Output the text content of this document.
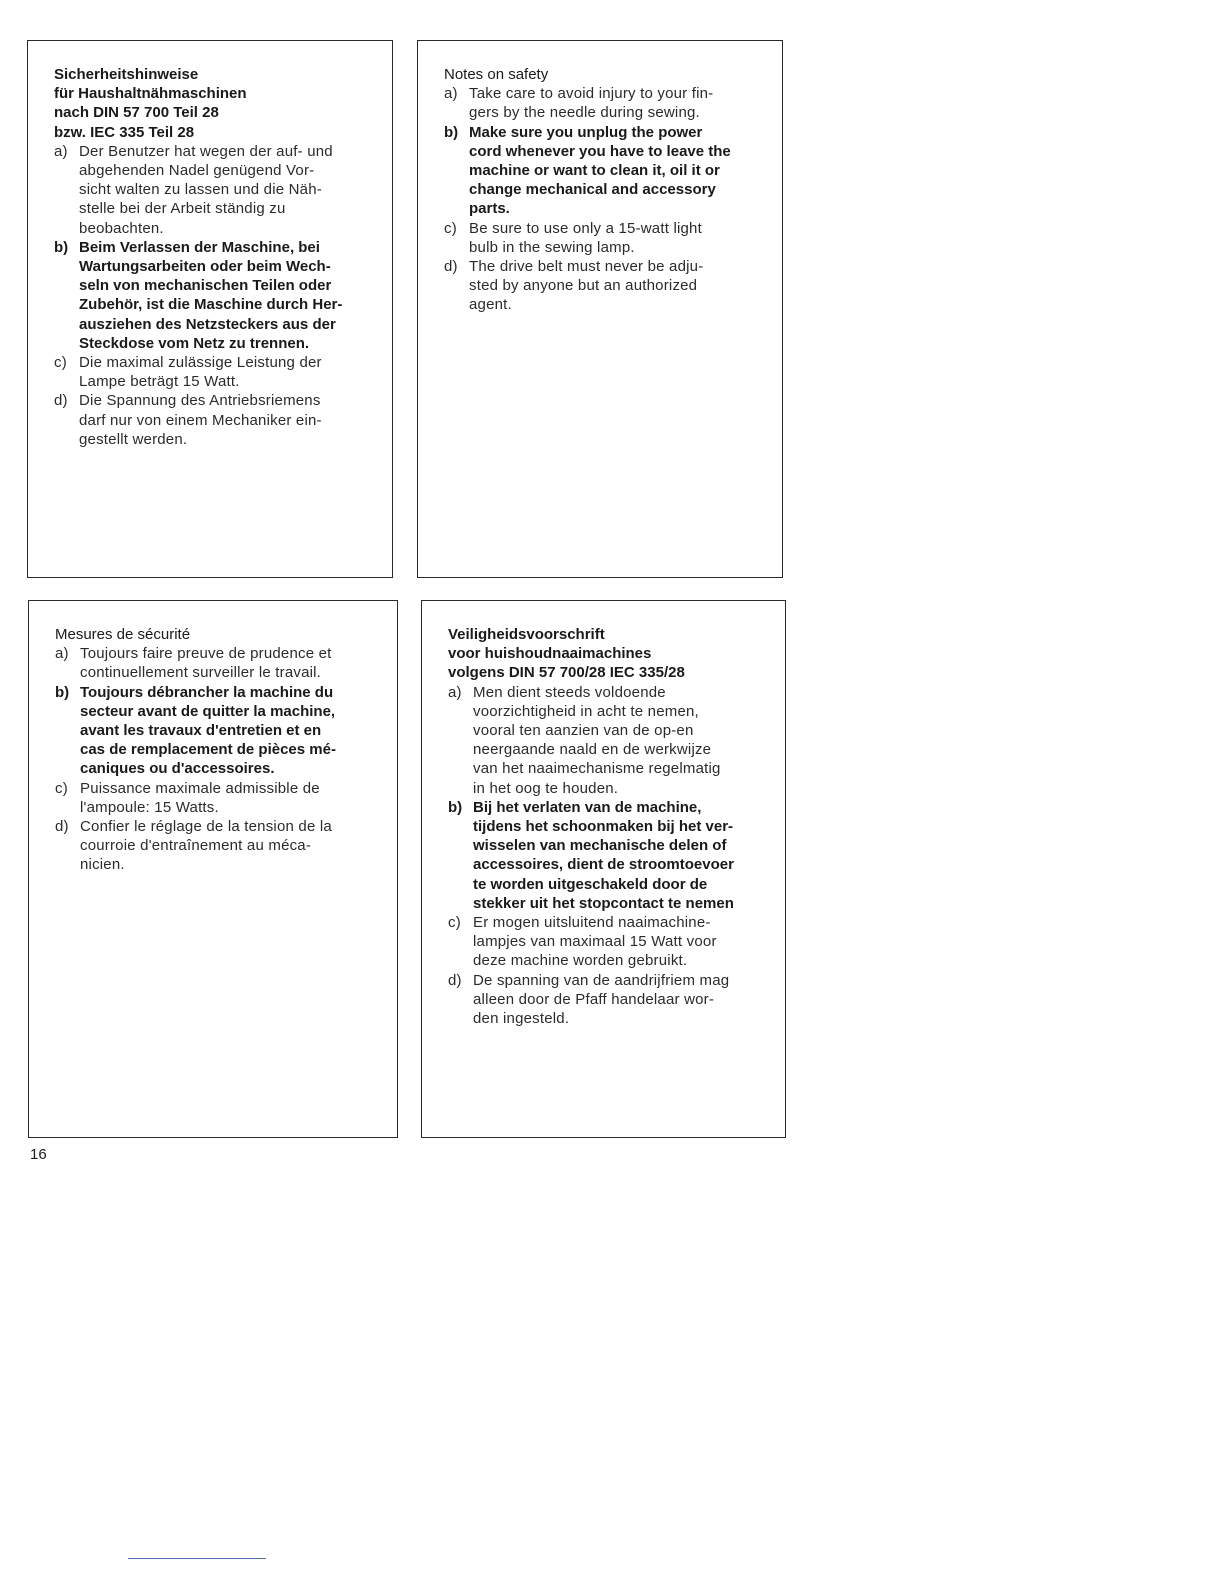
Sicherheitshinweise
für Haushaltnähmaschinen
nach DIN 57 700 Teil 28
bzw. IEC 335 Teil 28
a) Der Benutzer hat wegen der auf- und
abgehenden Nadel genügend Vor-
sicht walten zu lassen und die Näh-
stelle bei der Arbeit ständig zu
beobachten.
b) Beim Verlassen der Maschine, bei
Wartungsarbeiten oder beim Wech-
seln von mechanischen Teilen oder
Zubehör, ist die Maschine durch Her-
ausziehen des Netzsteckers aus der
Steckdose vom Netz zu trennen.
c) Die maximal zulässige Leistung der
Lampe beträgt 15 Watt.
d) Die Spannung des Antriebsriemens
darf nur von einem Mechaniker ein-
gestellt werden.
Notes on safety
a) Take care to avoid injury to your fin-
gers by the needle during sewing.
b) Make sure you unplug the power
cord whenever you have to leave the
machine or want to clean it, oil it or
change mechanical and accessory
parts.
c) Be sure to use only a 15-watt light
bulb in the sewing lamp.
d) The drive belt must never be adju-
sted by anyone but an authorized
agent.
Mesures de sécurité
a) Toujours faire preuve de prudence et
continuellement surveiller le travail.
b) Toujours débrancher la machine du
secteur avant de quitter la machine,
avant les travaux d'entretien et en
cas de remplacement de pièces mé-
caniques ou d'accessoires.
c) Puissance maximale admissible de
l'ampoule: 15 Watts.
d) Confier le réglage de la tension de la
courroie d'entraînement au méca-
nicien.
Veiligheidsvoorschrift
voor huishoudnaaimachines
volgens DIN 57 700/28 IEC 335/28
a) Men dient steeds voldoende
voorzichtigheid in acht te nemen,
vooral ten aanzien van de op-en
neergaande naald en de werkwijze
van het naaimechanisme regelmatig
in het oog te houden.
b) Bij het verlaten van de machine,
tijdens het schoonmaken bij het ver-
wisselen van mechanische delen of
accessoires, dient de stroomtoevoer
te worden uitgeschakeld door de
stekker uit het stopcontact te nemen
c) Er mogen uitsluitend naaimachine-
lampjes van maximaal 15 Watt voor
deze machine worden gebruikt.
d) De spanning van de aandrijfriem mag
alleen door de Pfaff handelaar wor-
den ingesteld.
16
